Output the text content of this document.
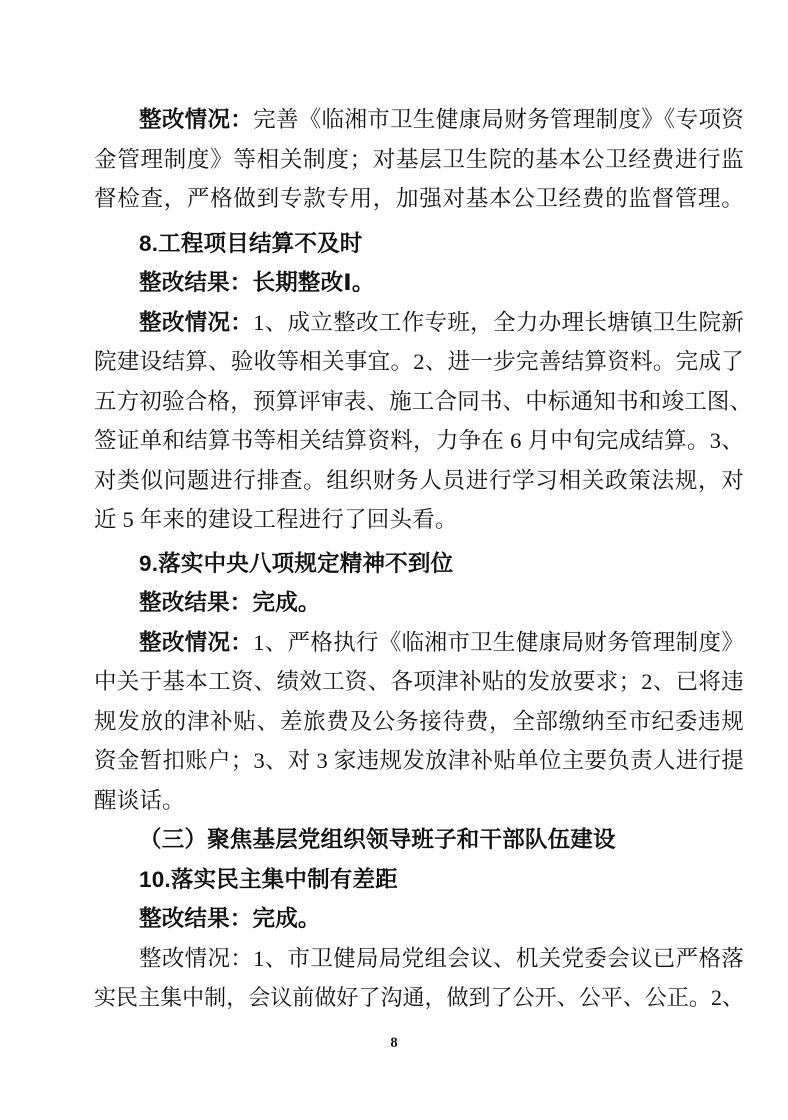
整改情况：完善《临湘市卫生健康局财务管理制度》《专项资
金管理制度》等相关制度；对基层卫生院的基本公卫经费进行监
督检查，严格做到专款专用，加强对基本公卫经费的监督管理。
8.工程项目结算不及时
整改结果：长期整改Ⅰ。
整改情况：1、成立整改工作专班，全力办理长塘镇卫生院新
院建设结算、验收等相关事宜。2、进一步完善结算资料。完成了
五方初验合格，预算评审表、施工合同书、中标通知书和竣工图、
签证单和结算书等相关结算资料，力争在 6 月中旬完成结算。3、
对类似问题进行排查。组织财务人员进行学习相关政策法规，对
近 5 年来的建设工程进行了回头看。
9.落实中央八项规定精神不到位
整改结果：完成。
整改情况：1、严格执行《临湘市卫生健康局财务管理制度》
中关于基本工资、绩效工资、各项津补贴的发放要求；2、已将违
规发放的津补贴、差旅费及公务接待费，全部缴纳至市纪委违规
资金暂扣账户；3、对 3 家违规发放津补贴单位主要负责人进行提
醒谈话。
（三）聚焦基层党组织领导班子和干部队伍建设
10.落实民主集中制有差距
整改结果：完成。
整改情况：1、市卫健局局党组会议、机关党委会议已严格落
实民主集中制，会议前做好了沟通，做到了公开、公平、公正。2、
8
